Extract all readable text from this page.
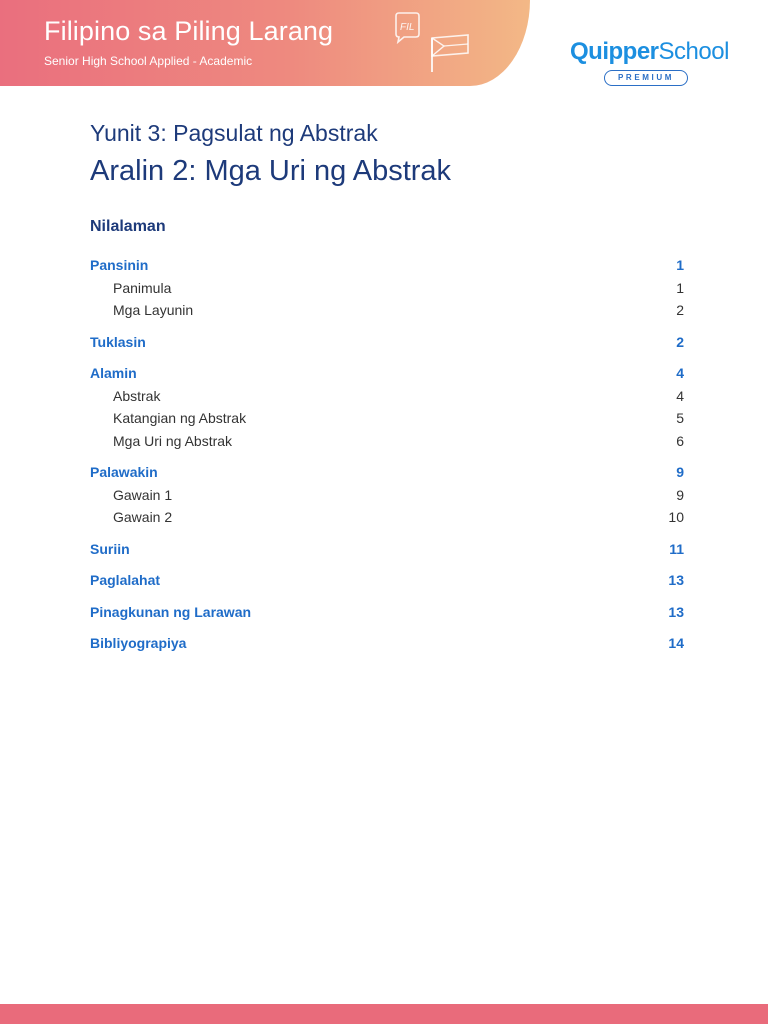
Filipino sa Piling Larang
Senior High School Applied - Academic
FIL
QuipperSchool
PREMIUM
Yunit 3: Pagsulat ng Abstrak
Aralin 2: Mga Uri ng Abstrak
Nilalaman
Pansinin	1
Panimula	1
Mga Layunin	2
Tuklasin	2
Alamin	4
Abstrak	4
Katangian ng Abstrak	5
Mga Uri ng Abstrak	6
Palawakin	9
Gawain 1	9
Gawain 2	10
Suriin	11
Paglalahat	13
Pinagkunan ng Larawan	13
Bibliyograpiya	14
